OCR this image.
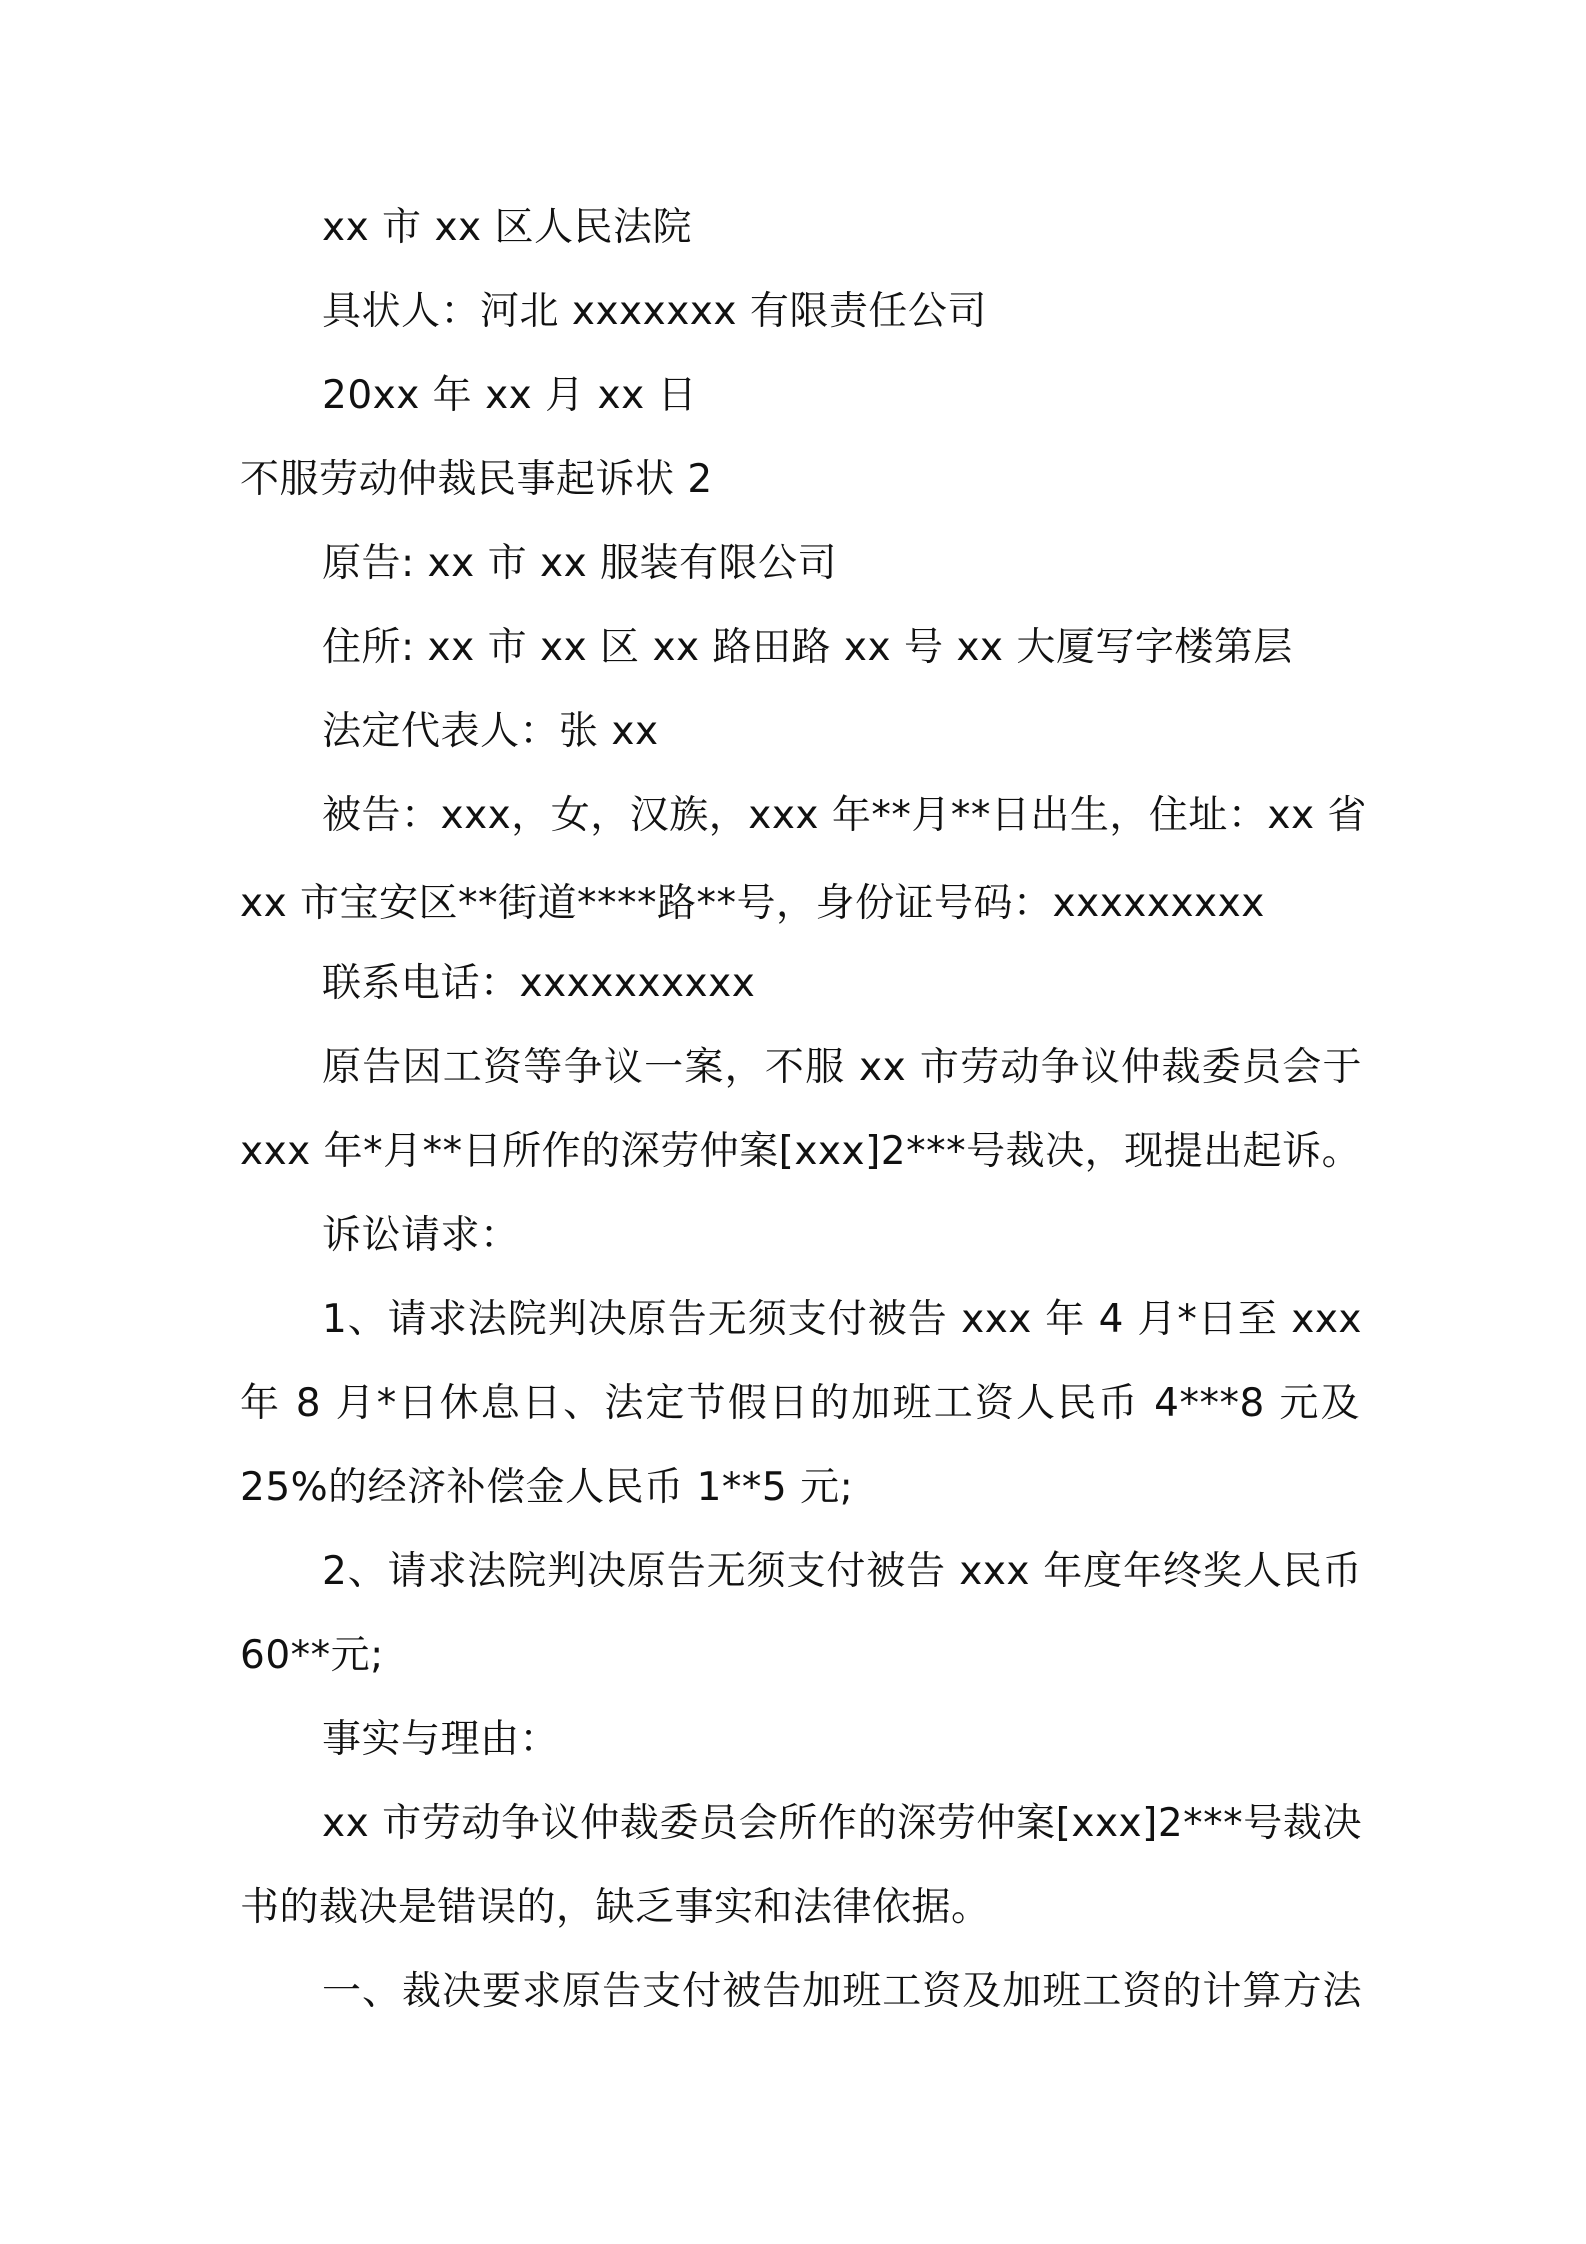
xx 市 xx 区人民法院
具状人：河北 xxxxxxx 有限责任公司
20xx 年 xx 月 xx 日
不服劳动仲裁民事起诉状 2
原告: xx 市 xx 服装有限公司
住所: xx 市 xx 区 xx 路田路 xx 号 xx 大厦写字楼第层
法定代表人：张 xx
被告：xxx，女，汉族，xxx 年**月**日出生，住址：xx 省
xx 市宝安区**街道****路**号，身份证号码：xxxxxxxxx
联系电话：xxxxxxxxxx
原告因工资等争议一案，不服 xx 市劳动争议仲裁委员会于
xxx 年*月**日所作的深劳仲案[xxx]2***号裁决，现提出起诉。
诉讼请求：
1、请求法院判决原告无须支付被告 xxx 年 4 月*日至 xxx
年 8 月*日休息日、法定节假日的加班工资人民币 4***8 元及
25%的经济补偿金人民币 1**5 元;
2、请求法院判决原告无须支付被告 xxx 年度年终奖人民币
60**元;
事实与理由：
xx 市劳动争议仲裁委员会所作的深劳仲案[xxx]2***号裁决
书的裁决是错误的，缺乏事实和法律依据。
一、裁决要求原告支付被告加班工资及加班工资的计算方法
